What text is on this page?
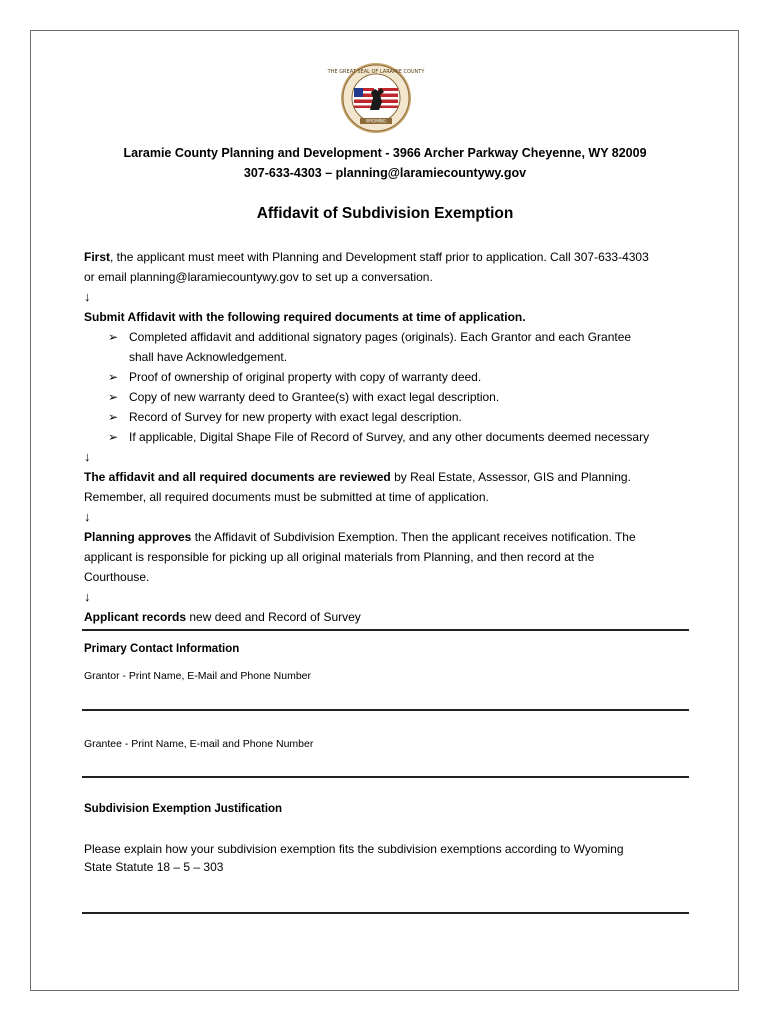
THE GREAT SEAL OF LARAMIE COUNTY
WYOMING
Laramie County Planning and Development - 3966 Archer Parkway Cheyenne, WY 82009
307-633-4303 – planning@laramiecountywy.gov
Affidavit of Subdivision Exemption
First, the applicant must meet with Planning and Development staff prior to application. Call 307-633-4303
or email planning@laramiecountywy.gov to set up a conversation.
↓
Submit Affidavit with the following required documents at time of application.
➢ Completed affidavit and additional signatory pages (originals). Each Grantor and each Grantee
shall have Acknowledgement.
➢ Proof of ownership of original property with copy of warranty deed.
➢ Copy of new warranty deed to Grantee(s) with exact legal description.
➢ Record of Survey for new property with exact legal description.
➢ If applicable, Digital Shape File of Record of Survey, and any other documents deemed necessary
↓
The affidavit and all required documents are reviewed by Real Estate, Assessor, GIS and Planning.
Remember, all required documents must be submitted at time of application.
↓
Planning approves the Affidavit of Subdivision Exemption. Then the applicant receives notification. The
applicant is responsible for picking up all original materials from Planning, and then record at the
Courthouse.
↓
Applicant records new deed and Record of Survey
Primary Contact Information
Grantor - Print Name, E-Mail and Phone Number
Grantee - Print Name, E-mail and Phone Number
Subdivision Exemption Justification
Please explain how your subdivision exemption fits the subdivision exemptions according to Wyoming
State Statute 18 – 5 – 303
